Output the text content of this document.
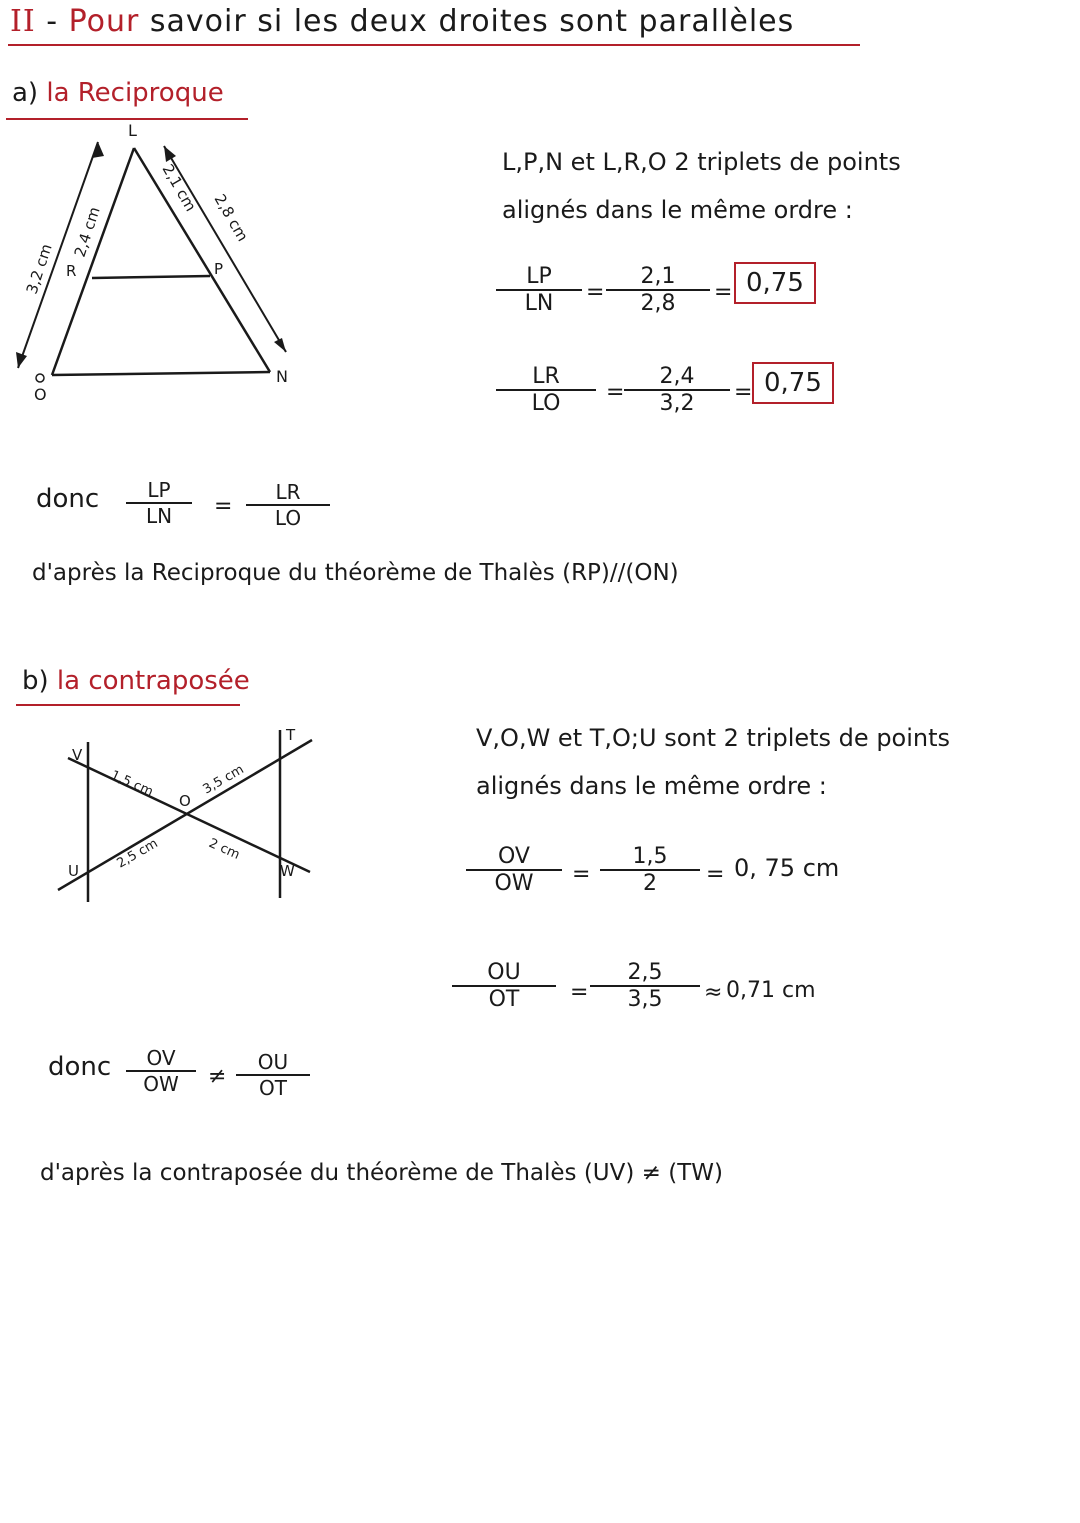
II - Pour savoir si les deux droites sont parallèles
a) la Reciproque
L
R	P
O
N
3,2 cm
2,4 cm
2,1 cm
2,8 cm
L,P,N et L,R,O 2 triplets de points
alignés dans le même ordre :
LP
LN	=
2,1
2,8	= 0,75
LR
LO	=
2,4
3,2	= 0,75
donc	LP
LN	=
LR
LO
d'après la Reciproque du théorème de Thalès (RP)//(ON)
b) la contraposée
V
U
O
T
W
1,5 cm	3,5 cm
2,5 cm	2 cm
V,O,W et T,O;U sont 2 triplets de points
alignés dans le même ordre :
OV
OW	=
1,5
2	= 0, 75 cm
OU
OT	=
2,5
3,5	≈ 0,71 cm
donc	OV
OW	≠
OU
OT
d'après la contraposée du théorème de Thalès (UV) ≠ (TW)
